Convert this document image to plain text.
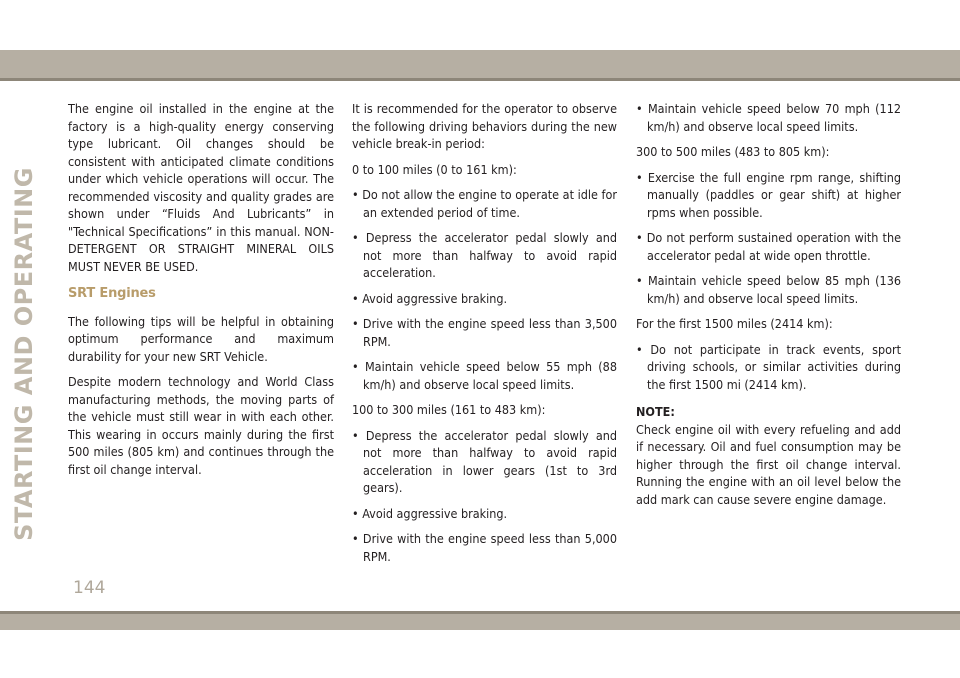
STARTING AND OPERATING

The engine oil installed in the engine at the factory is a high-quality energy conserving type lubricant. Oil changes should be consistent with anticipated climate conditions under which vehicle operations will occur. The recommended viscosity and quality grades are shown under “Fluids And Lubricants” in "Technical Specifications” in this manual. NON-DETERGENT OR STRAIGHT MINERAL OILS MUST NEVER BE USED.

SRT Engines

The following tips will be helpful in obtaining optimum performance and maximum durability for your new SRT Vehicle.

Despite modern technology and World Class manufacturing methods, the moving parts of the vehicle must still wear in with each other. This wearing in occurs mainly during the first 500 miles (805 km) and continues through the first oil change interval.

It is recommended for the operator to observe the following driving behaviors during the new vehicle break-in period:

0 to 100 miles (0 to 161 km):

• Do not allow the engine to operate at idle for an extended period of time.

• Depress the accelerator pedal slowly and not more than halfway to avoid rapid acceleration.

• Avoid aggressive braking.

• Drive with the engine speed less than 3,500 RPM.

• Maintain vehicle speed below 55 mph (88 km/h) and observe local speed limits.

100 to 300 miles (161 to 483 km):

• Depress the accelerator pedal slowly and not more than halfway to avoid rapid acceleration in lower gears (1st to 3rd gears).

• Avoid aggressive braking.

• Drive with the engine speed less than 5,000 RPM.

• Maintain vehicle speed below 70 mph (112 km/h) and observe local speed limits.

300 to 500 miles (483 to 805 km):

• Exercise the full engine rpm range, shifting manually (paddles or gear shift) at higher rpms when possible.

• Do not perform sustained operation with the accelerator pedal at wide open throttle.

• Maintain vehicle speed below 85 mph (136 km/h) and observe local speed limits.

For the first 1500 miles (2414 km):

• Do not participate in track events, sport driving schools, or similar activities during the first 1500 mi (2414 km).

NOTE:

Check engine oil with every refueling and add if necessary. Oil and fuel consumption may be higher through the first oil change interval. Running the engine with an oil level below the add mark can cause severe engine damage.

144
